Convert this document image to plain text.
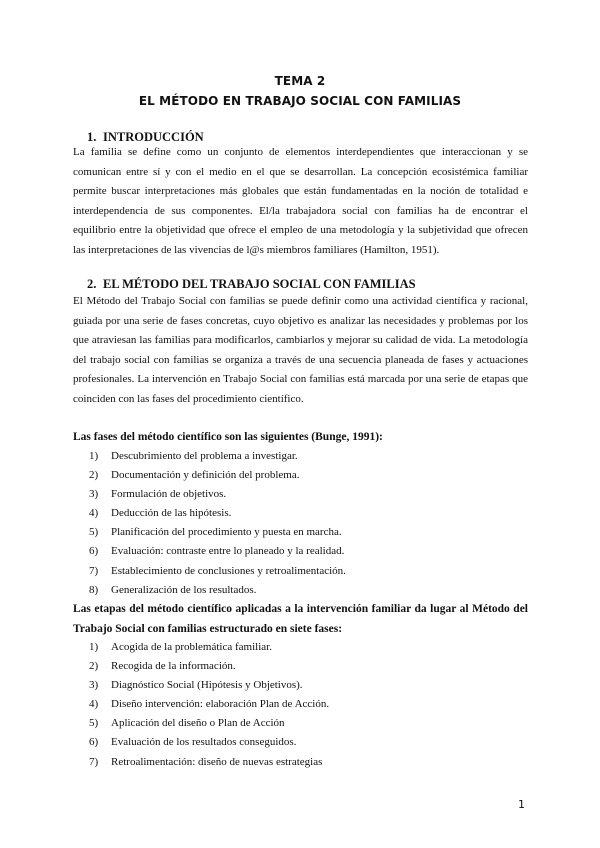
TEMA 2
EL MÉTODO EN TRABAJO SOCIAL CON FAMILIAS
1. INTRODUCCIÓN
La familia se define como un conjunto de elementos interdependientes que interaccionan y se comunican entre sí y con el medio en el que se desarrollan. La concepción ecosistémica familiar permite buscar interpretaciones más globales que están fundamentadas en la noción de totalidad e interdependencia de sus componentes. El/la trabajadora social con familias ha de encontrar el equilibrio entre la objetividad que ofrece el empleo de una metodología y la subjetividad que ofrecen las interpretaciones de las vivencias de l@s miembros familiares (Hamilton, 1951).
2. EL MÉTODO DEL TRABAJO SOCIAL CON FAMILIAS
El Método del Trabajo Social con familias se puede definir como una actividad científica y racional, guiada por una serie de fases concretas, cuyo objetivo es analizar las necesidades y problemas por los que atraviesan las familias para modificarlos, cambiarlos y mejorar su calidad de vida. La metodología del trabajo social con familias se organiza a través de una secuencia planeada de fases y actuaciones profesionales. La intervención en Trabajo Social con familias está marcada por una serie de etapas que coinciden con las fases del procedimiento científico.
Las fases del método científico son las siguientes (Bunge, 1991):
1) Descubrimiento del problema a investigar.
2) Documentación y definición del problema.
3) Formulación de objetivos.
4) Deducción de las hipótesis.
5) Planificación del procedimiento y puesta en marcha.
6) Evaluación: contraste entre lo planeado y la realidad.
7) Establecimiento de conclusiones y retroalimentación.
8) Generalización de los resultados.
Las etapas del método científico aplicadas a la intervención familiar da lugar al Método del Trabajo Social con familias estructurado en siete fases:
1) Acogida de la problemática familiar.
2) Recogida de la información.
3) Diagnóstico Social (Hipótesis y Objetivos).
4) Diseño intervención: elaboración Plan de Acción.
5) Aplicación del diseño o Plan de Acción
6) Evaluación de los resultados conseguidos.
7) Retroalimentación: diseño de nuevas estrategias
1
